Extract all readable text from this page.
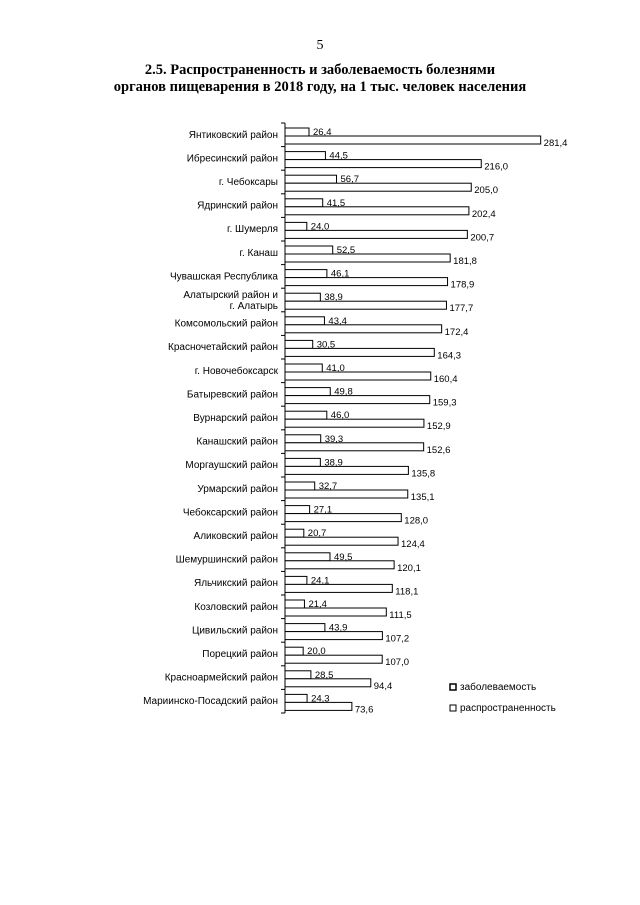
5
2.5. Распространенность и заболеваемость болезнями
органов пищеварения в 2018 году, на 1 тыс. человек населения
26,4
281,4
Янтиковский район
44,5
216,0
Ибресинский район
56,7
205,0
г. Чебоксары
41,5
202,4
Ядринский район
24,0
200,7
г. Шумерля
52,5
181,8
г. Канаш
46,1
178,9
Чувашская Республика
38,9
177,7
Алатырский район и
г. Алатырь
43,4
172,4
Комсомольский район
30,5
164,3
Красночетайский район
41,0
160,4
г. Новочебоксарск
49,8
159,3
Батыревский район
46,0
152,9
Вурнарский район
39,3
152,6
Канашский район
38,9
135,8
Моргаушский район
32,7
135,1
Урмарский район
27,1
128,0
Чебоксарский район
20,7
124,4
Аликовский район
49,5
120,1
Шемуршинский район
24,1
118,1
Яльчикский район
21,4
111,5
Козловский район
43,9
107,2
Цивильский район
20,0
107,0
Порецкий район
28,5
94,4
Красноармейский район
24,3
73,6
Мариинско-Посадский район
заболеваемость
распространенность
